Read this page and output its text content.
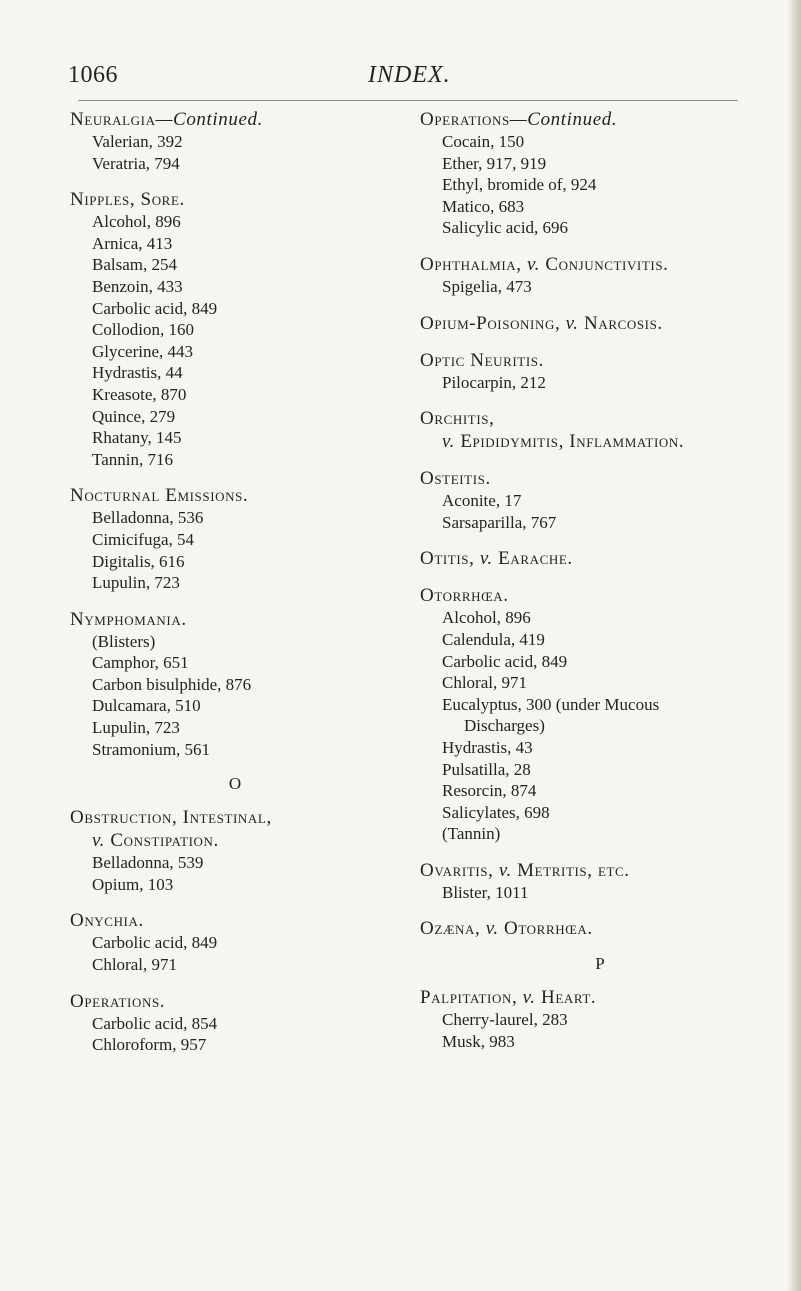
1066	INDEX.

Neuralgia—Continued.

Valerian, 392
Veratria, 794

Nipples, Sore.

Alcohol, 896
Arnica, 413
Balsam, 254
Benzoin, 433
Carbolic acid, 849
Collodion, 160
Glycerine, 443
Hydrastis, 44
Kreasote, 870
Quince, 279
Rhatany, 145
Tannin, 716

Nocturnal Emissions.

Belladonna, 536
Cimicifuga, 54
Digitalis, 616
Lupulin, 723

Nymphomania.

(Blisters)
Camphor, 651
Carbon bisulphide, 876
Dulcamara, 510
Lupulin, 723
Stramonium, 561
O

Obstruction, Intestinal,

v. Constipation.

Belladonna, 539
Opium, 103

Onychia.

Carbolic acid, 849
Chloral, 971

Operations.

Carbolic acid, 854
Chloroform, 957

Operations—Continued.

Cocain, 150
Ether, 917, 919
Ethyl, bromide of, 924
Matico, 683
Salicylic acid, 696

Ophthalmia, v. Conjunctivitis.

Spigelia, 473

Opium-Poisoning, v. Narcosis.

Optic Neuritis.

Pilocarpin, 212

Orchitis,

v. Epididymitis, Inflammation.

Osteitis.

Aconite, 17
Sarsaparilla, 767

Otitis, v. Earache.

Otorrhœa.

Alcohol, 896
Calendula, 419
Carbolic acid, 849
Chloral, 971
Eucalyptus, 300 (under Mucous
Discharges)
Hydrastis, 43
Pulsatilla, 28
Resorcin, 874
Salicylates, 698
(Tannin)

Ovaritis, v. Metritis, etc.

Blister, 1011

Ozæna, v. Otorrhœa.

P

Palpitation, v. Heart.

Cherry-laurel, 283
Musk, 983
